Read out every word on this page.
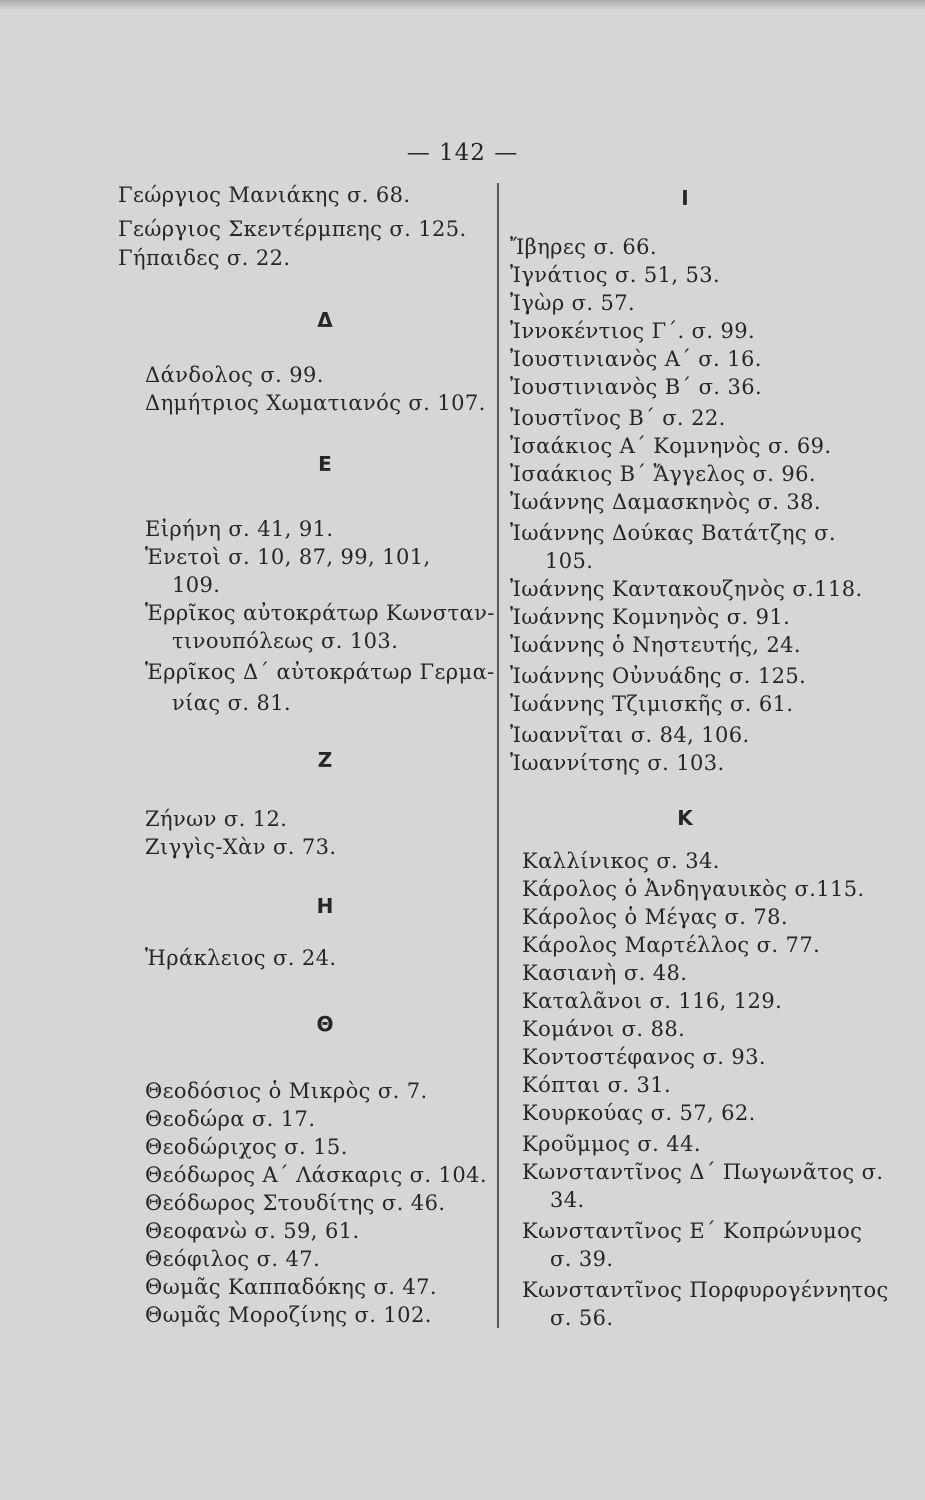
— 142 —
Γεώργιος Μανιάκης σ. 68.
Γεώργιος Σκεντέρμπεης σ. 125.
Γήπαιδες σ. 22.
Δ
Δάνδολος σ. 99.
Δημήτριος Χωματιανός σ. 107.
Ε
Εἰρήνη σ. 41, 91.
Ἑνετοὶ σ. 10, 87, 99, 101,
109.
Ἑρρῖκος αὐτοκράτωρ Κωνσταν-
τινουπόλεως σ. 103.
Ἑρρῖκος Δ΄ αὐτοκράτωρ Γερμα-
νίας σ. 81.
Ζ
Ζήνων σ. 12.
Ζιγγὶς-Χὰν σ. 73.
Η
Ἡράκλειος σ. 24.
Θ
Θεοδόσιος ὁ Μικρὸς σ. 7.
Θεοδώρα σ. 17.
Θεοδώριχος σ. 15.
Θεόδωρος Α΄ Λάσκαρις σ. 104.
Θεόδωρος Στουδίτης σ. 46.
Θεοφανὼ σ. 59, 61.
Θεόφιλος σ. 47.
Θωμᾶς Καππαδόκης σ. 47.
Θωμᾶς Μοροζίνης σ. 102.
Ι
Ἴβηρες σ. 66.
Ἰγνάτιος σ. 51, 53.
Ἰγὼρ σ. 57.
Ἰννοκέντιος Γ΄. σ. 99.
Ἰουστινιανὸς Α΄ σ. 16.
Ἰουστινιανὸς Β΄ σ. 36.
Ἰουστῖνος Β΄ σ. 22.
Ἰσαάκιος Α΄ Κομνηνὸς σ. 69.
Ἰσαάκιος Β΄ Ἄγγελος σ. 96.
Ἰωάννης Δαμασκηνὸς σ. 38.
Ἰωάννης Δούκας Βατάτζης σ.
105.
Ἰωάννης Καντακουζηνὸς σ.118.
Ἰωάννης Κομνηνὸς σ. 91.
Ἰωάννης ὁ Νηστευτής, 24.
Ἰωάννης Οὐνυάδης σ. 125.
Ἰωάννης Τζιμισκῆς σ. 61.
Ἰωαννῖται σ. 84, 106.
Ἰωαννίτσης σ. 103.
Κ
Καλλίνικος σ. 34.
Κάρολος ὁ Ἀνδηγαυικὸς σ.115.
Κάρολος ὁ Μέγας σ. 78.
Κάρολος Μαρτέλλος σ. 77.
Κασιανὴ σ. 48.
Καταλᾶνοι σ. 116, 129.
Κομάνοι σ. 88.
Κοντοστέφανος σ. 93.
Κόπται σ. 31.
Κουρκούας σ. 57, 62.
Κροῦμμος σ. 44.
Κωνσταντῖνος Δ΄ Πωγωνᾶτος σ.
34.
Κωνσταντῖνος Ε΄ Κοπρώνυμος
σ. 39.
Κωνσταντῖνος Πορφυρογέννητος
σ. 56.
